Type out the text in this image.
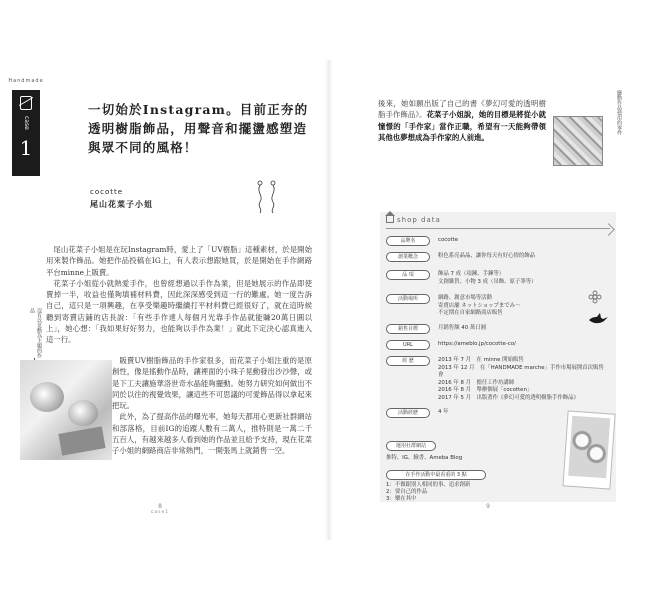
Handmade
case
1
一切始於Instagram。目前正夯的透明樹脂飾品，用聲音和擺盪感塑造與眾不同的風格！
cocotte
尾山花菜子小姐

尾山花菜子小姐是在玩Instagram時，愛上了「UV樹脂」這種素材，於是開始用來製作飾品。她把作品投稿在IG上，有人表示想跟她買，於是開始在手作網路平台minne上販賣。

花菜子小姐從小就熱愛手作，也曾經想過以手作為業，但是她展示的作品即使賣掉一半，收益也僅夠填補材料費，因此深深感受到這一行的難處。她一度告訴自己，這只是一項興趣，在享受樂趣時繼續打平材料費已經很好了，就在這時候聽到寄賣店鋪的店長說：「有些手作達人每個月光靠手作品就能賺20萬日圓以上」，她心想：「我如果好好努力，也能夠以手作為業！」就此下定決心認真進入這一行。

沒有以晃動為主題的作品

販賣UV樹脂飾品的手作家很多，而花菜子小姐注重的是原創性，像是搖動作品時，讓裡面的小珠子晃動發出沙沙聲，或是下工夫讓施華洛世奇水晶能夠擺動。她努力研究如何做出不同於以往的視覺效果，讓這些不可思議的可愛飾品得以拿起來把玩。

此外，為了提高作品的曝光率，她每天都用心更新社群網站和部落格，目前IG的追蹤人數有二萬人，推特則是一萬二千五百人，有越來越多人看到她的作品並且給予支持，現在花菜子小姐的網路商店非常熱門，一開張馬上就銷售一空。

8
case1
後來，她如願出版了自己的書《夢幻可愛的透明樹脂手作飾品》。花菜子小姐說，她的目標是將從小就憧憬的「手作家」當作正職，希望有一天能夠帶領其他也夢想成為手作家的人前進。
擺動作品使用的零件
shop data
品牌名	cocotte
創業概念	粉色系亮晶晶、讓你每天有好心情的飾品
品 項	飾品 7 成（項鍊、手鍊等）
文創雜貨、小物 3 成（吊飾、原子筆等）
活動場所	網路、創意市場等活動
寄賣店舖 ネットショップまでみ〜
不定期在自家網路商店販售
銷售目標	月銷售額 40 萬日圓
URL	https://ameblo.jp/cocotte-co/
經 歷	2013 年 7 月　在 minne 開始販售
2013 年 12 月　在「HANDMADE marche」手作市場展開首次販售會
2016 年 8 月　擔任工作坊講師
2016 年 8 月　舉辦個展「cocotten」
2017 年 5 月　出版著作《夢幻可愛的透明樹脂手作飾品》
活動經歷	4 年
運用社群網站
推特、IG、臉書、Ameba Blog
在手作活動中最看重的 3 點
1：不做跟別人相同的事、追求創新
2：要自己的作品
3：樂在其中
9
